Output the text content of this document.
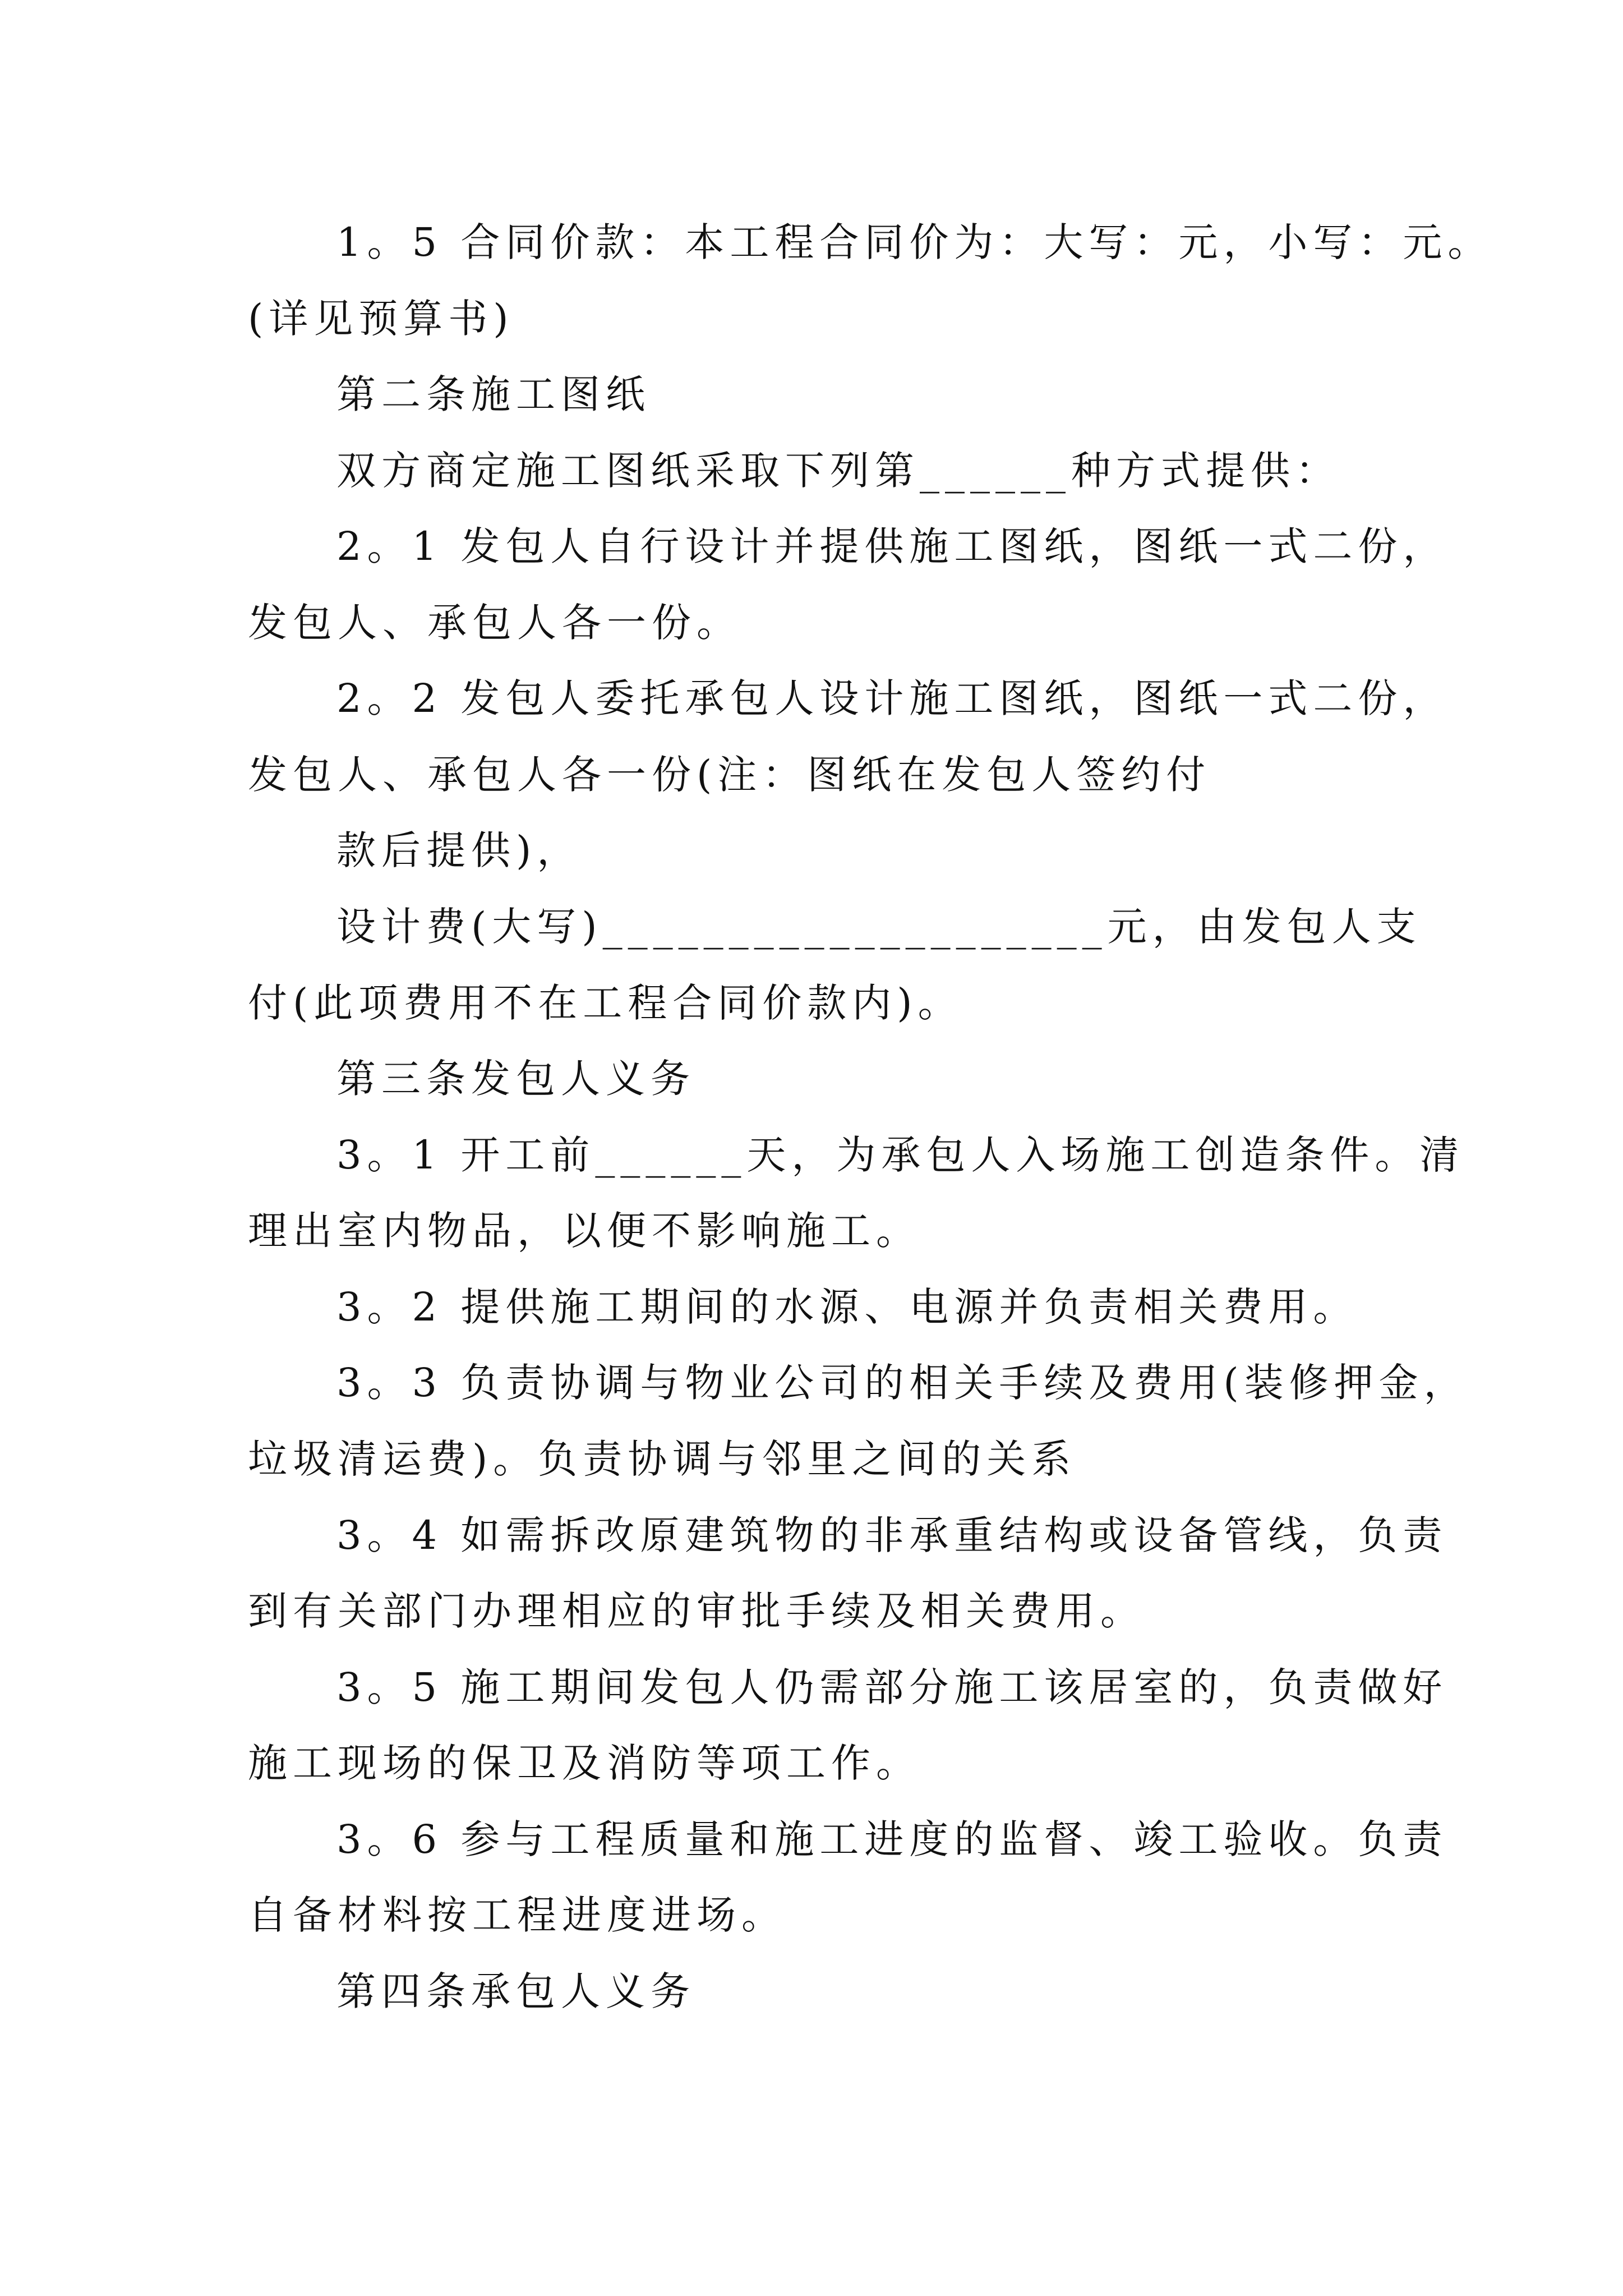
1。5 合同价款：本工程合同价为：大写：元，小写：元。
(详见预算书)
第二条施工图纸
双方商定施工图纸采取下列第______种方式提供：
2。1 发包人自行设计并提供施工图纸，图纸一式二份，
发包人、承包人各一份。
2。2 发包人委托承包人设计施工图纸，图纸一式二份，
发包人、承包人各一份(注：图纸在发包人签约付
款后提供)，
设计费(大写)____________________元，由发包人支
付(此项费用不在工程合同价款内)。
第三条发包人义务
3。1 开工前______天，为承包人入场施工创造条件。清
理出室内物品，以便不影响施工。
3。2 提供施工期间的水源、电源并负责相关费用。
3。3 负责协调与物业公司的相关手续及费用(装修押金，
垃圾清运费)。负责协调与邻里之间的关系
3。4 如需拆改原建筑物的非承重结构或设备管线，负责
到有关部门办理相应的审批手续及相关费用。
3。5 施工期间发包人仍需部分施工该居室的，负责做好
施工现场的保卫及消防等项工作。
3。6 参与工程质量和施工进度的监督、竣工验收。负责
自备材料按工程进度进场。
第四条承包人义务
